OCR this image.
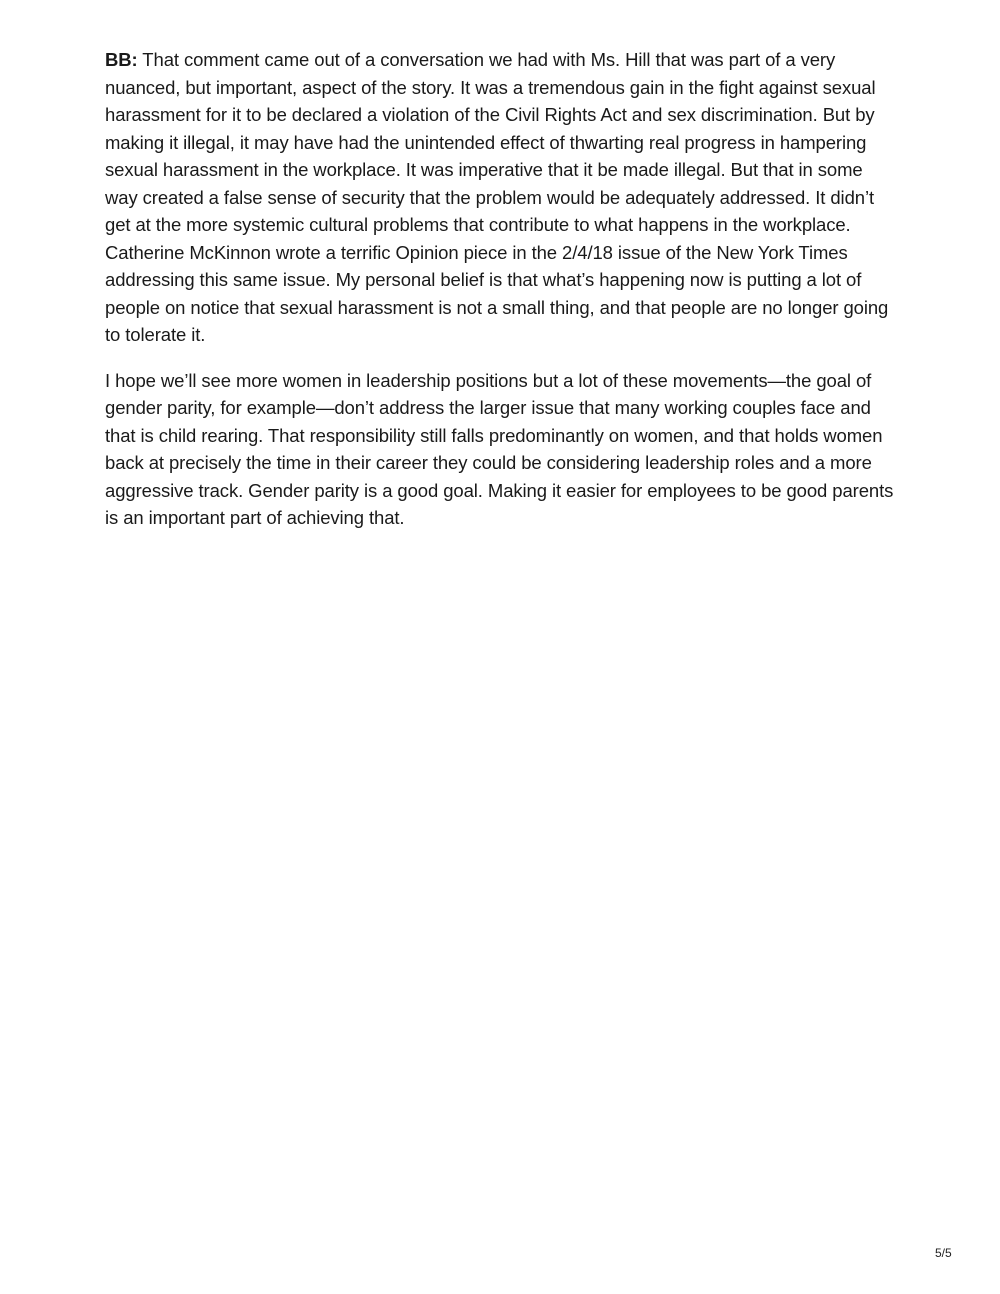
BB: That comment came out of a conversation we had with Ms. Hill that was part of a very nuanced, but important, aspect of the story. It was a tremendous gain in the fight against sexual harassment for it to be declared a violation of the Civil Rights Act and sex discrimination. But by making it illegal, it may have had the unintended effect of thwarting real progress in hampering sexual harassment in the workplace. It was imperative that it be made illegal. But that in some way created a false sense of security that the problem would be adequately addressed. It didn’t get at the more systemic cultural problems that contribute to what happens in the workplace. Catherine McKinnon wrote a terrific Opinion piece in the 2/4/18 issue of the New York Times addressing this same issue. My personal belief is that what’s happening now is putting a lot of people on notice that sexual harassment is not a small thing, and that people are no longer going to tolerate it.

I hope we’ll see more women in leadership positions but a lot of these movements—the goal of gender parity, for example—don’t address the larger issue that many working couples face and that is child rearing. That responsibility still falls predominantly on women, and that holds women back at precisely the time in their career they could be considering leadership roles and a more aggressive track. Gender parity is a good goal. Making it easier for employees to be good parents is an important part of achieving that.

5/5
